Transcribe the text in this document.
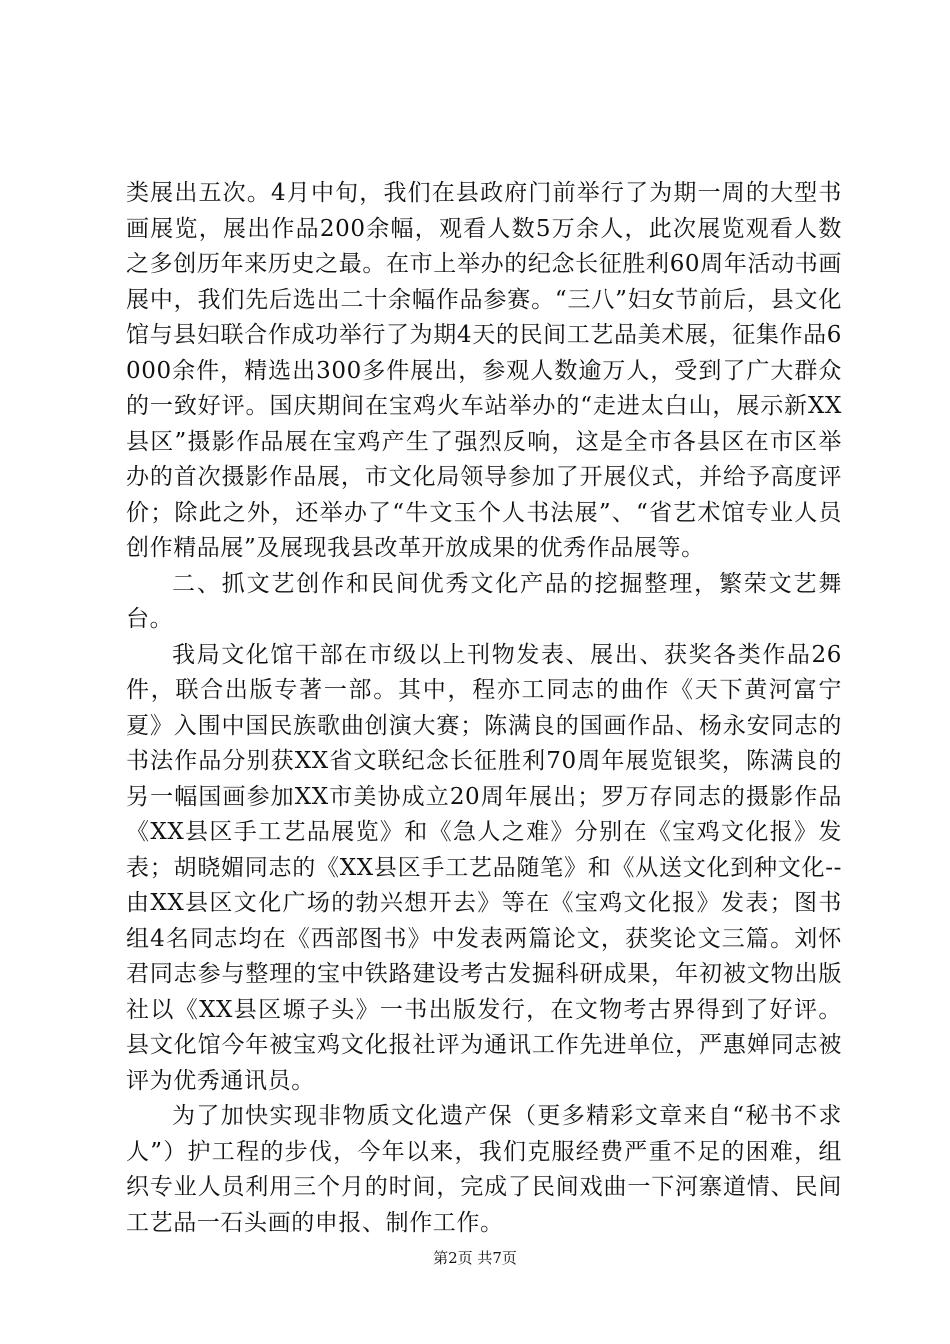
类展出五次。4月中旬，我们在县政府门前举行了为期一周的大型书画展览，展出作品200余幅，观看人数5万余人，此次展览观看人数之多创历年来历史之最。在市上举办的纪念长征胜利60周年活动书画展中，我们先后选出二十余幅作品参赛。“三八”妇女节前后，县文化馆与县妇联合作成功举行了为期4天的民间工艺品美术展，征集作品6000余件，精选出300多件展出，参观人数逾万人，受到了广大群众的一致好评。国庆期间在宝鸡火车站举办的“走进太白山，展示新XX县区”摄影作品展在宝鸡产生了强烈反响，这是全市各县区在市区举办的首次摄影作品展，市文化局领导参加了开展仪式，并给予高度评价；除此之外，还举办了“牛文玉个人书法展”、“省艺术馆专业人员创作精品展”及展现我县改革开放成果的优秀作品展等。

二、抓文艺创作和民间优秀文化产品的挖掘整理，繁荣文艺舞台。

我局文化馆干部在市级以上刊物发表、展出、获奖各类作品26件，联合出版专著一部。其中，程亦工同志的曲作《天下黄河富宁夏》入围中国民族歌曲创演大赛；陈满良的国画作品、杨永安同志的书法作品分别获XX省文联纪念长征胜利70周年展览银奖，陈满良的另一幅国画参加XX市美协成立20周年展出；罗万存同志的摄影作品《XX县区手工艺品展览》和《急人之难》分别在《宝鸡文化报》发表；胡晓媚同志的《XX县区手工艺品随笔》和《从送文化到种文化--由XX县区文化广场的勃兴想开去》等在《宝鸡文化报》发表；图书组4名同志均在《西部图书》中发表两篇论文，获奖论文三篇。刘怀君同志参与整理的宝中铁路建设考古发掘科研成果，年初被文物出版社以《XX县区塬子头》一书出版发行，在文物考古界得到了好评。县文化馆今年被宝鸡文化报社评为通讯工作先进单位，严惠婵同志被评为优秀通讯员。

为了加快实现非物质文化遗产保（更多精彩文章来自“秘书不求人”）护工程的步伐，今年以来，我们克服经费严重不足的困难，组织专业人员利用三个月的时间，完成了民间戏曲一下河寨道情、民间工艺品一石头画的申报、制作工作。

第2页 共7页
